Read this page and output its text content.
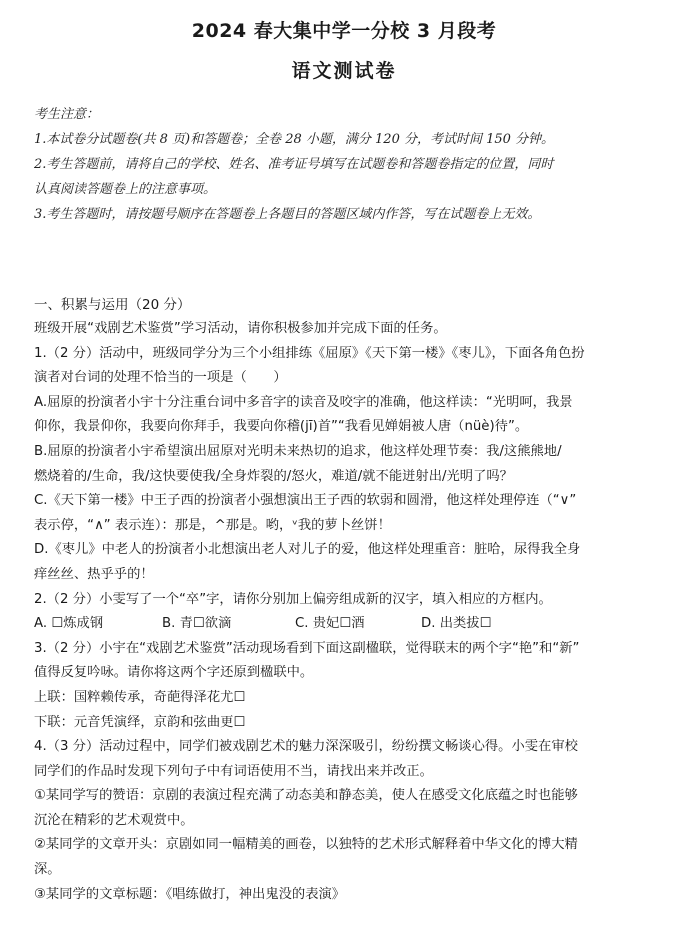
2024 春大集中学一分校 3 月段考
语文测试卷
考生注意：
1.本试卷分试题卷(共 8 页)和答题卷；全卷 28 小题，满分 120 分，考试时间 150 分钟。
2.考生答题前，请将自己的学校、姓名、准考证号填写在试题卷和答题卷指定的位置，同时
认真阅读答题卷上的注意事项。
3.考生答题时，请按题号顺序在答题卷上各题目的答题区域内作答，写在试题卷上无效。
一、积累与运用（20 分）
班级开展“戏剧艺术鉴赏”学习活动，请你积极参加并完成下面的任务。
1.（2 分）活动中，班级同学分为三个小组排练《屈原》《天下第一楼》《枣儿》，下面各角色扮
演者对台词的处理不恰当的一项是（　　）
A.屈原的扮演者小宇十分注重台词中多音字的读音及咬字的准确，他这样读：“光明呵，我景
仰你，我景仰你，我要向你拜手，我要向你稽(jī)首”“我看见婵娟被人唐（nüè)待”。
B.屈原的扮演者小宇希望演出屈原对光明未来热切的追求，他这样处理节奏：我/这熊熊地/
燃烧着的/生命，我/这快要使我/全身炸裂的/怒火，难道/就不能迸射出/光明了吗？
C.《天下第一楼》中王子西的扮演者小强想演出王子西的软弱和圆滑，他这样处理停连（“∨”
表示停，“∧” 表示连）：那是，^那是。哟，ᵛ我的萝卜丝饼！
D.《枣儿》中老人的扮演者小北想演出老人对儿子的爱，他这样处理重音：脏哈，尿得我全身
痒丝丝、热乎乎的！
2.（2 分）小雯写了一个“卒”字，请你分别加上偏旁组成新的汉字，填入相应的方框内。
A. ☐炼成钢	B. 青☐欲滴	C. 贵妃☐酒	D. 出类拔☐
3.（2 分）小宇在“戏剧艺术鉴赏”活动现场看到下面这副楹联，觉得联末的两个字“艳”和“新”
值得反复吟咏。请你将这两个字还原到楹联中。
上联：国粹赖传承，奇葩得泽花尤☐
下联：元音凭演绎，京韵和弦曲更☐
4.（3 分）活动过程中，同学们被戏剧艺术的魅力深深吸引，纷纷撰文畅谈心得。小雯在审校
同学们的作品时发现下列句子中有词语使用不当，请找出来并改正。
①某同学写的赞语：京剧的表演过程充满了动态美和静态美，使人在感受文化底蕴之时也能够
沉沦在精彩的艺术观赏中。
②某同学的文章开头：京剧如同一幅精美的画卷，以独特的艺术形式解释着中华文化的博大精
深。
③某同学的文章标题：《唱练做打，神出鬼没的表演》
